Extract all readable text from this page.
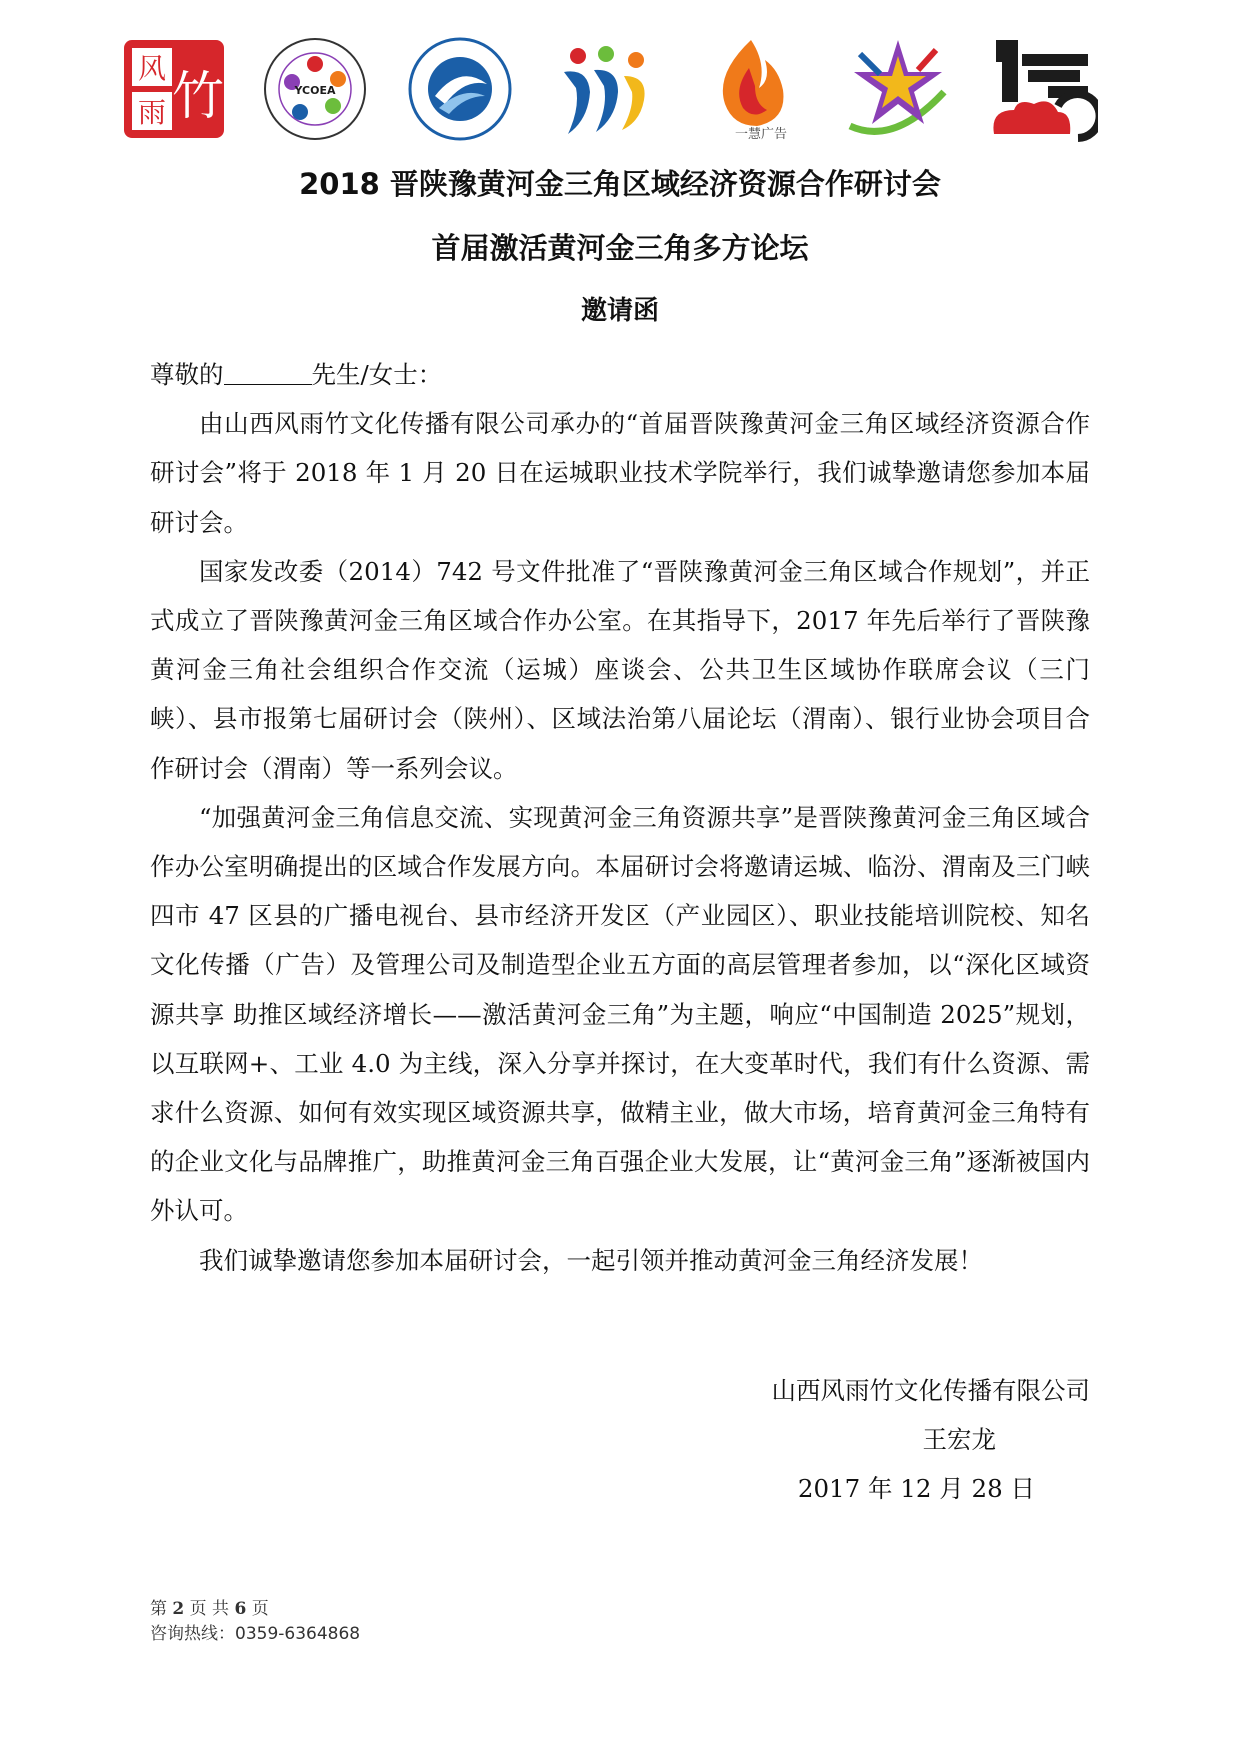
风
雨 竹	YCOEA
一慧广告
2018 晋陕豫黄河金三角区域经济资源合作研讨会
首届激活黄河金三角多方论坛
邀请函

尊敬的	先生/女士：

由山西风雨竹文化传播有限公司承办的“首届晋陕豫黄河金三角区域经济资源合作研讨会”将于 2018 年 1 月 20 日在运城职业技术学院举行，我们诚挚邀请您参加本届研讨会。

国家发改委（2014）742 号文件批准了“晋陕豫黄河金三角区域合作规划”，并正式成立了晋陕豫黄河金三角区域合作办公室。在其指导下，2017 年先后举行了晋陕豫黄河金三角社会组织合作交流（运城）座谈会、公共卫生区域协作联席会议（三门峡）、县市报第七届研讨会（陕州）、区域法治第八届论坛（渭南）、银行业协会项目合作研讨会（渭南）等一系列会议。

“加强黄河金三角信息交流、实现黄河金三角资源共享”是晋陕豫黄河金三角区域合作办公室明确提出的区域合作发展方向。本届研讨会将邀请运城、临汾、渭南及三门峡四市 47 区县的广播电视台、县市经济开发区（产业园区）、职业技能培训院校、知名文化传播（广告）及管理公司及制造型企业五方面的高层管理者参加，以“深化区域资源共享 助推区域经济增长——激活黄河金三角”为主题，响应“中国制造 2025”规划，以互联网+、工业 4.0 为主线，深入分享并探讨，在大变革时代，我们有什么资源、需求什么资源、如何有效实现区域资源共享，做精主业，做大市场，培育黄河金三角特有的企业文化与品牌推广，助推黄河金三角百强企业大发展，让“黄河金三角”逐渐被国内外认可。

我们诚挚邀请您参加本届研讨会，一起引领并推动黄河金三角经济发展！

山西风雨竹文化传播有限公司
王宏龙
2017 年 12 月 28 日
第 2 页 共 6 页
咨询热线：0359-6364868
